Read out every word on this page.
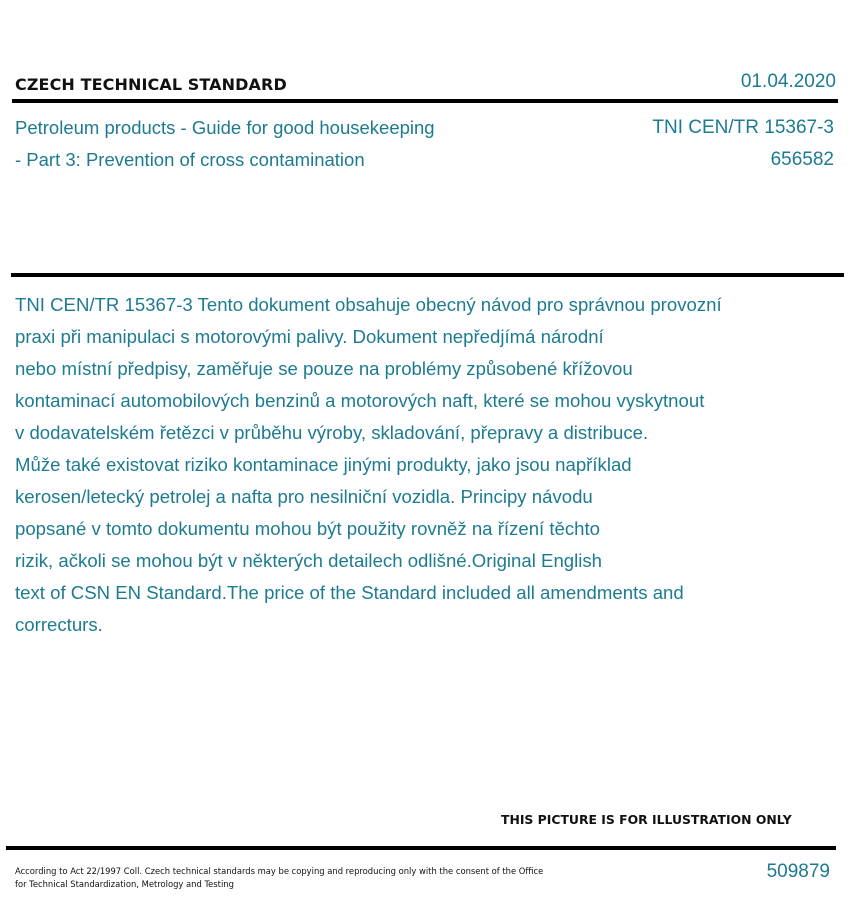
CZECH TECHNICAL STANDARD	01.04.2020
Petroleum products - Guide for good housekeeping
- Part 3: Prevention of cross contamination
TNI CEN/TR 15367-3
656582
TNI CEN/TR 15367-3 Tento dokument obsahuje obecný návod pro správnou provozní
praxi při manipulaci s motorovými palivy. Dokument nepředjímá národní
nebo místní předpisy, zaměřuje se pouze na problémy způsobené křížovou
kontaminací automobilových benzinů a motorových naft, které se mohou vyskytnout
v dodavatelském řetězci v průběhu výroby, skladování, přepravy a distribuce.
Může také existovat riziko kontaminace jinými produkty, jako jsou například
kerosen/letecký petrolej a nafta pro nesilniční vozidla. Principy návodu
popsané v tomto dokumentu mohou být použity rovněž na řízení těchto
rizik, ačkoli se mohou být v některých detailech odlišné.Original English
text of CSN EN Standard.The price of the Standard included all amendments and
correcturs.
THIS PICTURE IS FOR ILLUSTRATION ONLY
According to Act 22/1997 Coll. Czech technical standards may be copying and reproducing only with the consent of the Office
for Technical Standardization, Metrology and Testing
509879
